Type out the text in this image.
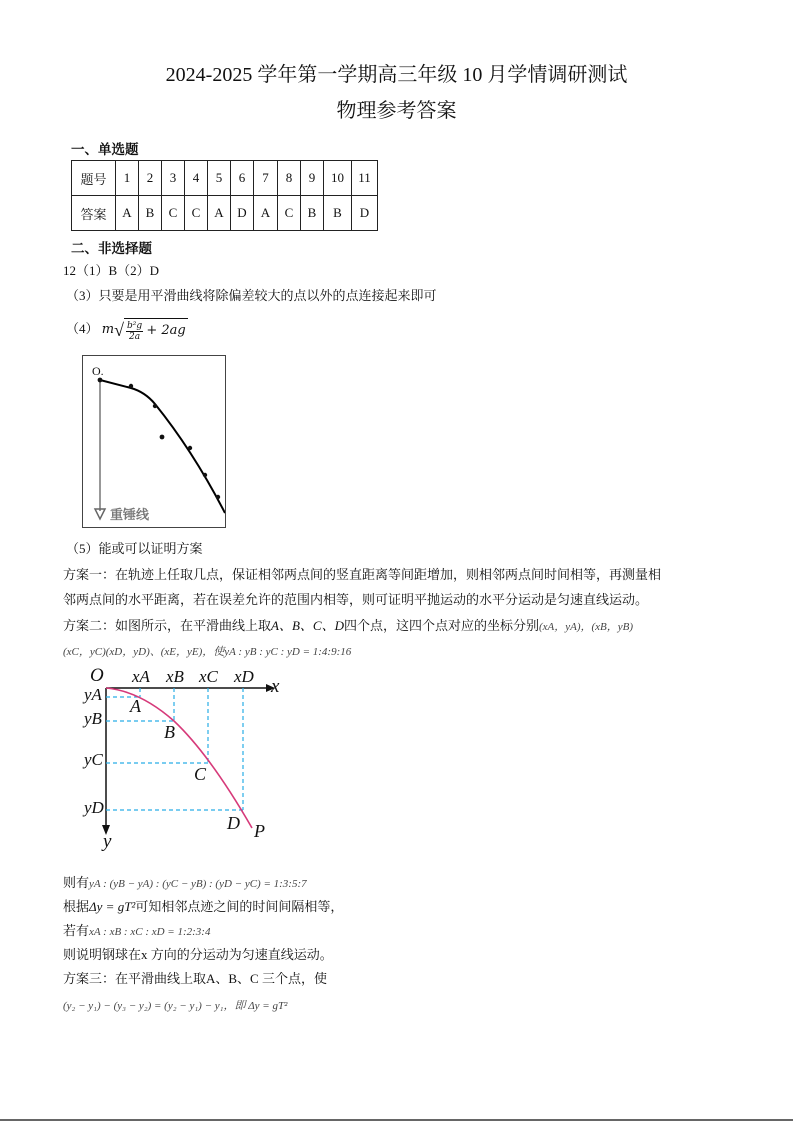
2024-2025 学年第一学期高三年级 10 月学情调研测试
物理参考答案
一、单选题
题号	1	2	3	4	5	6	7	8	9	10	11
答案	A	B	C	C	A	D	A	C	B	B	D
二、非选择题
12（1）B（2）D
（3）只要是用平滑曲线将除偏差较大的点以外的点连接起来即可
（4） $m√ \frac{\text{b²g}}{2a} + 2ag$
O.
重锤线
（5）能或可以证明方案
方案一：在轨迹上任取几点，保证相邻两点间的竖直距离等间距增加，则相邻两点间时间相等，再测量相
邻两点间的水平距离，若在误差允许的范围内相等，则可证明平抛运动的水平分运动是匀速直线运动。
方案二：如图所示，在平滑曲线上取A、B、C、D四个点，这四个点对应的坐标分别(xA，yA)，(xB，yB)
(xC，yC)(xD，yD)、(xE，yE)，使yA : yB : yC : yD = 1:4:9:16
O
x
y
xA xB xC xD
yA
yB
yC
yD
A
B
C
D P
则有yA : (yB − yA) : (yC − yB) : (yD − yC) = 1:3:5:7
根据Δy = gT²可知相邻点迹之间的时间间隔相等，
若有xA : xB : xC : xD = 1:2:3:4
则说明钢球在x 方向的分运动为匀速直线运动。
方案三：在平滑曲线上取A、B、C 三个点，使
(y₂ − y₁) − (y₃ − y₂) = (y₂ − y₁) − y₁，即 Δy = gT²
